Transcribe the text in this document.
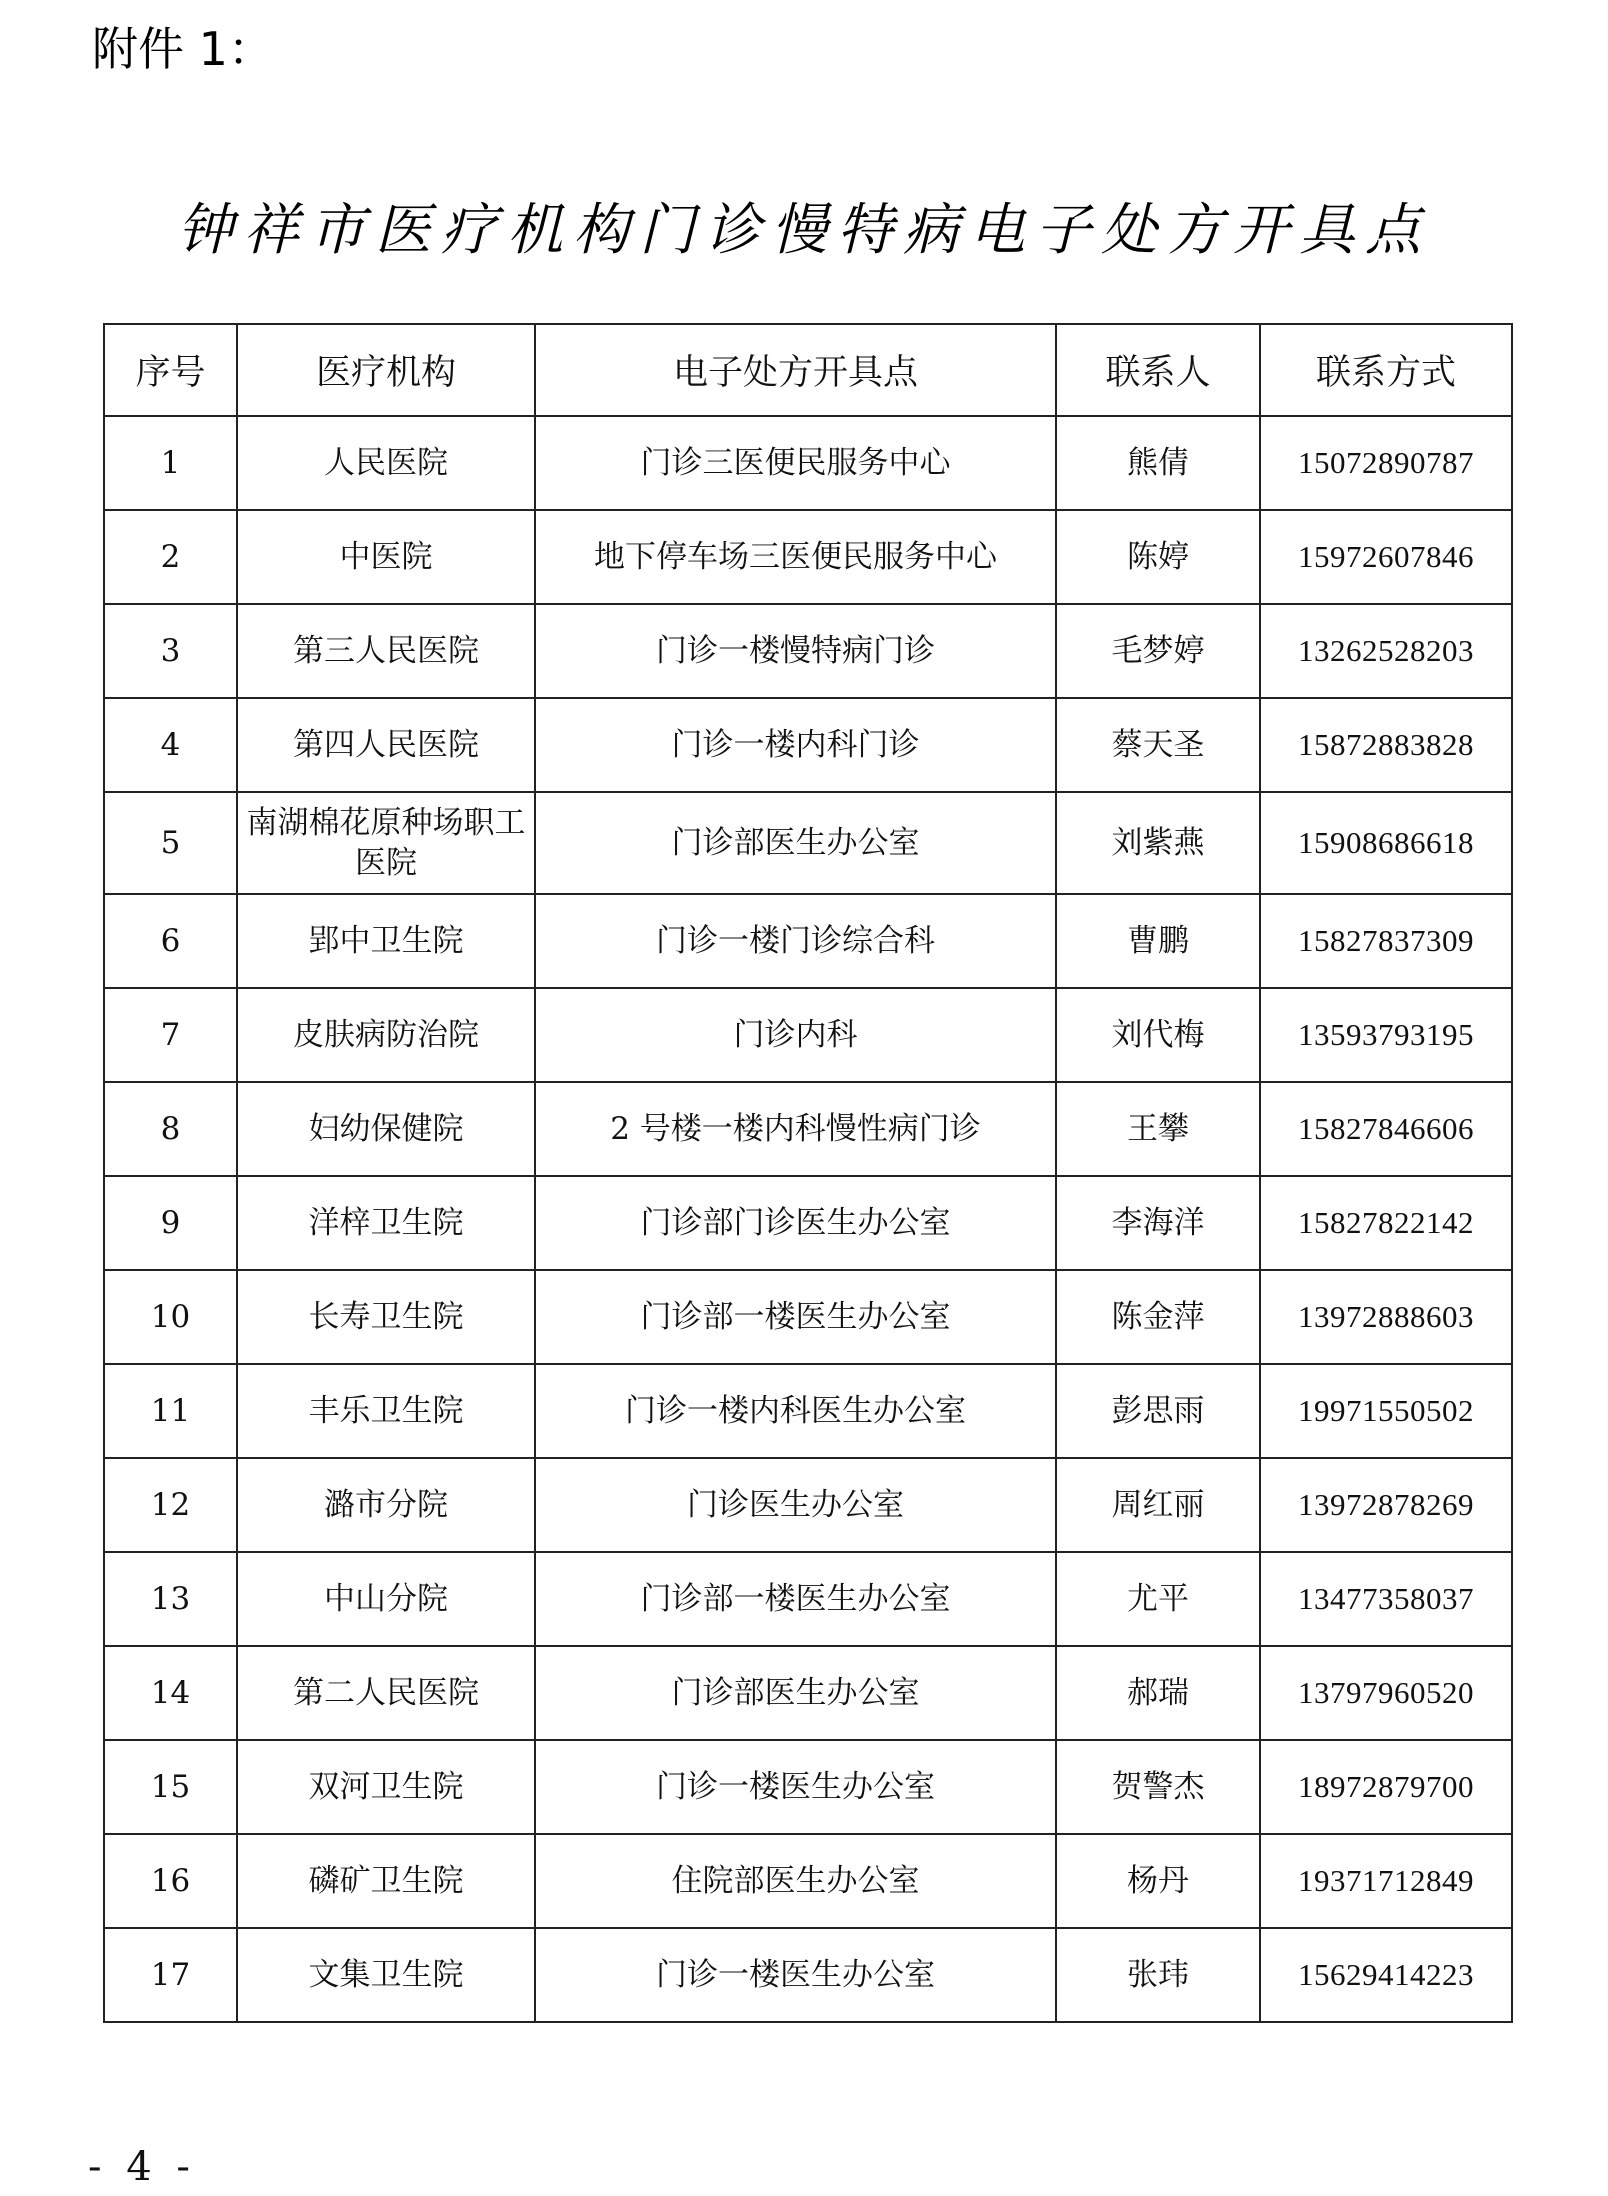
附件 1：
钟祥市医疗机构门诊慢特病电子处方开具点
序号	医疗机构	电子处方开具点	联系人	联系方式
1	人民医院	门诊三医便民服务中心	熊倩	15072890787
2	中医院	地下停车场三医便民服务中心	陈婷	15972607846
3	第三人民医院	门诊一楼慢特病门诊	毛梦婷	13262528203
4	第四人民医院	门诊一楼内科门诊	蔡天圣	15872883828
5	南湖棉花原种场职工医院	门诊部医生办公室	刘紫燕	15908686618
6	郢中卫生院	门诊一楼门诊综合科	曹鹏	15827837309
7	皮肤病防治院	门诊内科	刘代梅	13593793195
8	妇幼保健院	2 号楼一楼内科慢性病门诊	王攀	15827846606
9	洋梓卫生院	门诊部门诊医生办公室	李海洋	15827822142
10	长寿卫生院	门诊部一楼医生办公室	陈金萍	13972888603
11	丰乐卫生院	门诊一楼内科医生办公室	彭思雨	19971550502
12	潞市分院	门诊医生办公室	周红丽	13972878269
13	中山分院	门诊部一楼医生办公室	尤平	13477358037
14	第二人民医院	门诊部医生办公室	郝瑞	13797960520
15	双河卫生院	门诊一楼医生办公室	贺警杰	18972879700
16	磷矿卫生院	住院部医生办公室	杨丹	19371712849
17	文集卫生院	门诊一楼医生办公室	张玮	15629414223
- 4 -
